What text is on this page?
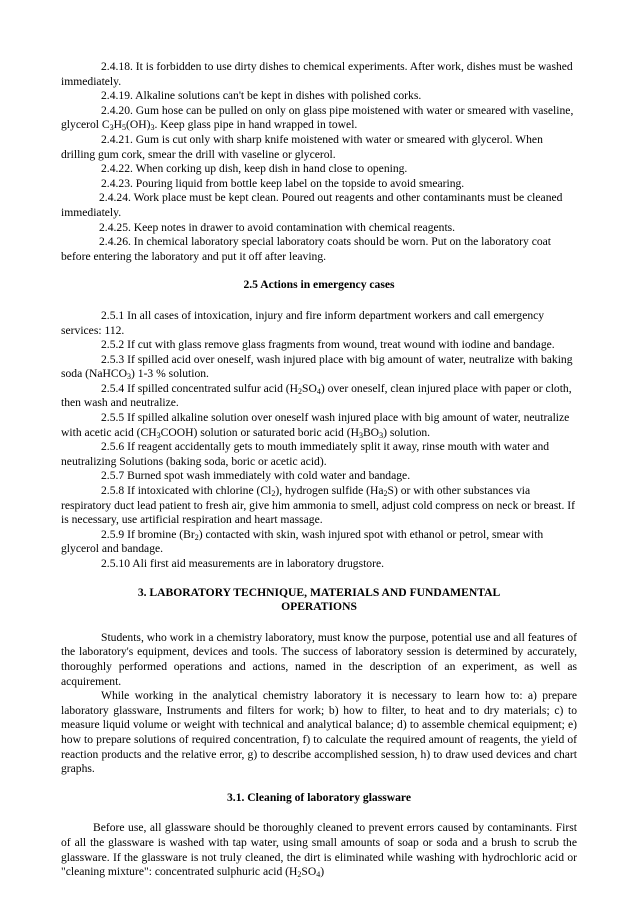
2.4.18. It is forbidden to use dirty dishes to chemical experiments. After work, dishes must be washed immediately.

2.4.19. Alkaline solutions can't be kept in dishes with polished corks.

2.4.20. Gum hose can be pulled on only on glass pipe moistened with water or smeared with vaseline, glycerol $C_3H_5(OH)_3$. Keep glass pipe in hand wrapped in towel.

2.4.21. Gum is cut only with sharp knife moistened with water or smeared with glycerol. When drilling gum cork, smear the drill with vaseline or glycerol.

2.4.22. When corking up dish, keep dish in hand close to opening.

2.4.23. Pouring liquid from bottle keep label on the topside to avoid smearing.

2.4.24. Work place must be kept clean. Poured out reagents and other contaminants must be cleaned immediately.

2.4.25. Keep notes in drawer to avoid contamination with chemical reagents.

2.4.26. In chemical laboratory special laboratory coats should be worn. Put on the laboratory coat before entering the laboratory and put it off after leaving.

2.5 Actions in emergency cases

2.5.1 In all cases of intoxication, injury and fire inform department workers and call emergency services: 112.

2.5.2 If cut with glass remove glass fragments from wound, treat wound with iodine and bandage.

2.5.3 If spilled acid over oneself, wash injured place with big amount of water, neutralize with baking soda (NaHCO$_3$) 1-3 % solution.

2.5.4 If spilled concentrated sulfur acid $(H_2SO_4)$ over oneself, clean injured place with paper or cloth, then wash and neutralize.

2.5.5 If spilled alkaline solution over oneself wash injured place with big amount of water, neutralize with acetic acid $(CH_3COOH)$ solution or saturated boric acid $(H_3BO_3)$ solution.

2.5.6 If reagent accidentally gets to mouth immediately split it away, rinse mouth with water and neutralizing Solutions (baking soda, boric or acetic acid).

2.5.7 Burned spot wash immediately with cold water and bandage.

2.5.8 If intoxicated with chlorine $(Cl_2)$, hydrogen sulfide $(Ha_2S)$ or with other substances via respiratory duct lead patient to fresh air, give him ammonia to smell, adjust cold compress on neck or breast. If is necessary, use artificial respiration and heart massage.

2.5.9 If bromine $(Br_2)$ contacted with skin, wash injured spot with ethanol or petrol, smear with glycerol and bandage.

2.5.10 Ali first aid measurements are in laboratory drugstore.

3. LABORATORY TECHNIQUE, MATERIALS AND FUNDAMENTAL OPERATIONS

Students, who work in a chemistry laboratory, must know the purpose, potential use and all features of the laboratory's equipment, devices and tools. The success of laboratory session is determined by accurately, thoroughly performed operations and actions, named in the description of an experiment, as well as acquirement.

While working in the analytical chemistry laboratory it is necessary to learn how to: a) prepare laboratory glassware, Instruments and filters for work; b) how to filter, to heat and to dry materials; c) to measure liquid volume or weight with technical and analytical balance; d) to assemble chemical equipment; e) how to prepare solutions of required concentration, f) to calculate the required amount of reagents, the yield of reaction products and the relative error, g) to describe accomplished session, h) to draw used devices and chart graphs.

3.1. Cleaning of laboratory glassware

Before use, all glassware should be thoroughly cleaned to prevent errors caused by contaminants. First of all the glassware is washed with tap water, using small amounts of soap or soda and a brush to scrub the glassware. If the glassware is not truly cleaned, the dirt is eliminated while washing with hydrochloric acid or "cleaning mixture": concentrated sulphuric acid $(H_2SO_4)$
